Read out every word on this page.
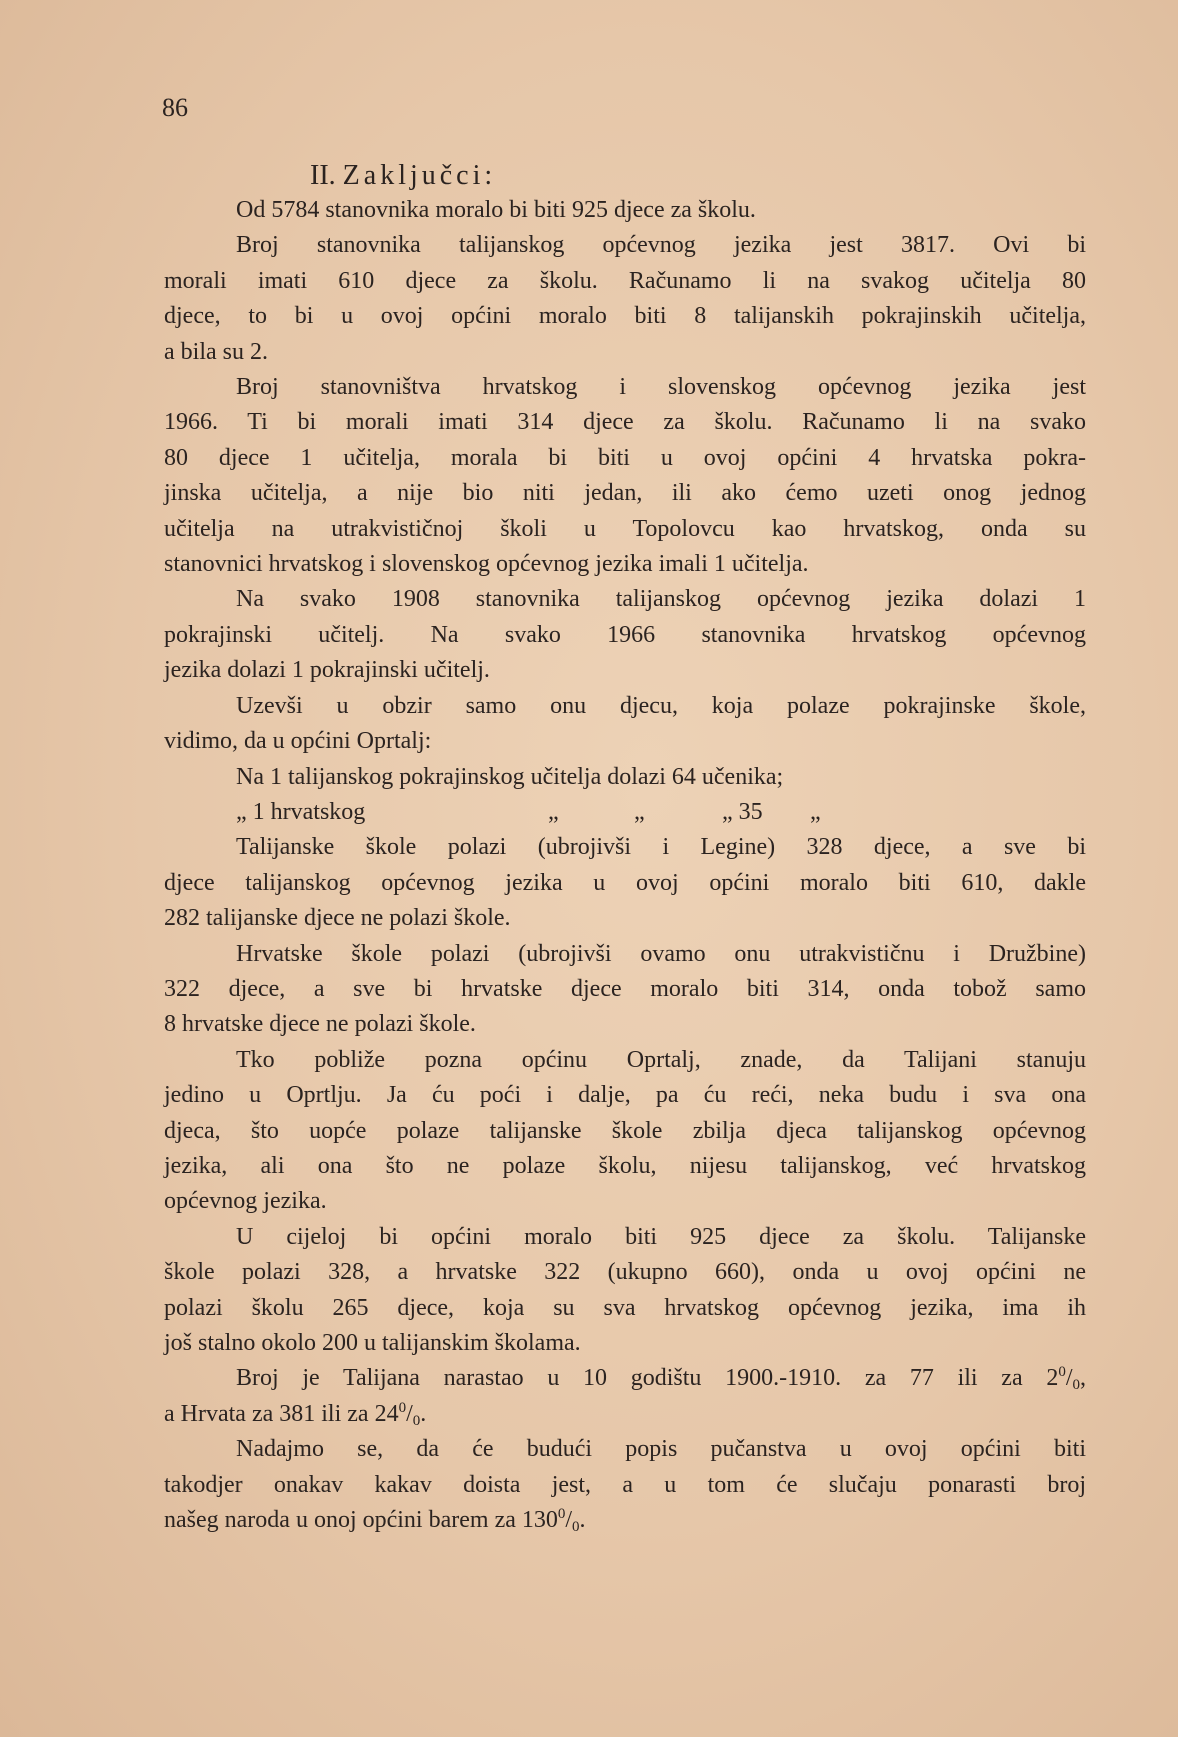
86
II. Zaključci:
Od 5784 stanovnika moralo bi biti 925 djece za školu.
Broj stanovnika talijanskog općevnog jezika jest 3817. Ovi bi
morali imati 610 djece za školu. Računamo li na svakog učitelja 80
djece, to bi u ovoj općini moralo biti 8 talijanskih pokrajinskih učitelja,
a bila su 2.
Broj stanovništva hrvatskog i slovenskog općevnog jezika jest
1966. Ti bi morali imati 314 djece za školu. Računamo li na svako
80 djece 1 učitelja, morala bi biti u ovoj općini 4 hrvatska pokra-
jinska učitelja, a nije bio niti jedan, ili ako ćemo uzeti onog jednog
učitelja na utrakvističnoj školi u Topolovcu kao hrvatskog, onda su
stanovnici hrvatskog i slovenskog općevnog jezika imali 1 učitelja.
Na svako 1908 stanovnika talijanskog općevnog jezika dolazi 1
pokrajinski učitelj. Na svako 1966 stanovnika hrvatskog općevnog
jezika dolazi 1 pokrajinski učitelj.
Uzevši u obzir samo onu djecu, koja polaze pokrajinske škole,
vidimo, da u općini Oprtalj:
Na 1 talijanskog pokrajinskog učitelja dolazi 64 učenika;
„ 1 hrvatskog	„	„	„ 35	„
Talijanske škole polazi (ubrojivši i Legine) 328 djece, a sve bi
djece talijanskog općevnog jezika u ovoj općini moralo biti 610, dakle
282 talijanske djece ne polazi škole.
Hrvatske škole polazi (ubrojivši ovamo onu utrakvističnu i Družbine)
322 djece, a sve bi hrvatske djece moralo biti 314, onda tobož samo
8 hrvatske djece ne polazi škole.
Tko pobliže pozna općinu Oprtalj, znade, da Talijani stanuju
jedino u Oprtlju. Ja ću poći i dalje, pa ću reći, neka budu i sva ona
djeca, što uopće polaze talijanske škole zbilja djeca talijanskog općevnog
jezika, ali ona što ne polaze školu, nijesu talijanskog, već hrvatskog
općevnog jezika.
U cijeloj bi općini moralo biti 925 djece za školu. Talijanske
škole polazi 328, a hrvatske 322 (ukupno 660), onda u ovoj općini ne
polazi školu 265 djece, koja su sva hrvatskog općevnog jezika, ima ih
još stalno okolo 200 u talijanskim školama.
Broj je Talijana narastao u 10 godištu 1900.-1910. za 77 ili za $2^0/_0$,
a Hrvata za 381 ili za $24^0/_0$.
Nadajmo se, da će budući popis pučanstva u ovoj općini biti
takodjer onakav kakav doista jest, a u tom će slučaju ponarasti broj
našeg naroda u onoj općini barem za $130^0/_0$.
